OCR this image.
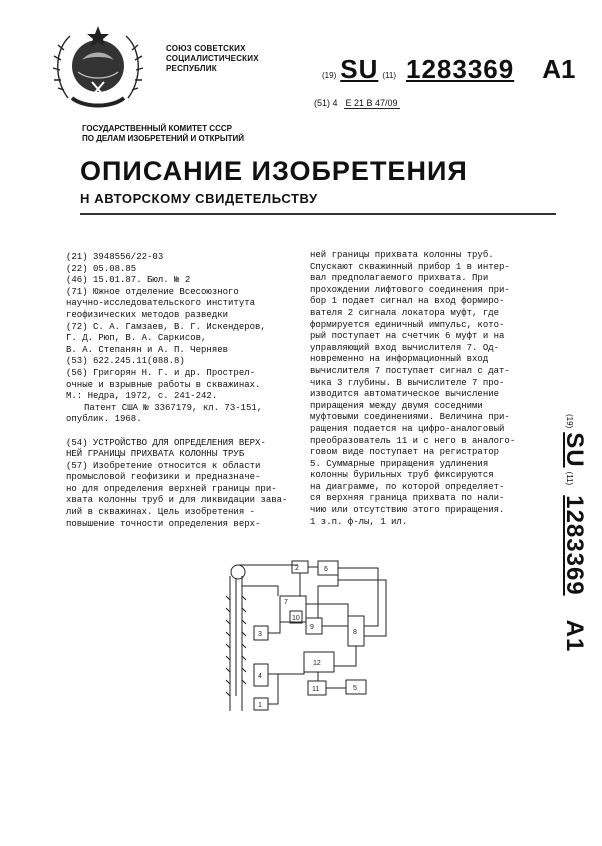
СОЮЗ СОВЕТСКИХ
СОЦИАЛИСТИЧЕСКИХ
РЕСПУБЛИК
(19) SU (11) 1283369 A1
(51) 4 E 21 B 47/09
ГОСУДАРСТВЕННЫЙ КОМИТЕТ СССР
ПО ДЕЛАМ ИЗОБРЕТЕНИЙ И ОТКРЫТИЙ
ОПИСАНИЕ ИЗОБРЕТЕНИЯ
Н АВТОРСКОМУ СВИДЕТЕЛЬСТВУ
(21) 3948556/22-03
(22) 05.08.85
(46) 15.01.87. Бюл. № 2
(71) Южное отделение Всесоюзного
научно-исследовательского института
геофизических методов разведки
(72) С. А. Гамзаев, В. Г. Искендеров,
Г. Д. Рюп, В. А. Саркисов,
В. А. Степанян и А. П. Черняев
(53) 622.245.11(088.8)
(56) Григорян Н. Г. и др. Прострел-
очные и взрывные работы в скважинах.
М.: Недра, 1972, с. 241-242.
Патент США № 3367179, кл. 73-151,
опублик. 1968.
(54) УСТРОЙСТВО ДЛЯ ОПРЕДЕЛЕНИЯ ВЕРХ-
НЕЙ ГРАНИЦЫ ПРИХВАТА КОЛОННЫ ТРУБ
(57) Изобретение относится к области
промысловой геофизики и предназначе-
но для определения верхней границы при-
хвата колонны труб и для ликвидации зава-
лий в скважинах. Цель изобретения -
повышение точности определения верх-
ней границы прихвата колонны труб.
Спускают скважинный прибор 1 в интер-
вал предполагаемого прихвата. При
прохождении лифтового соединения при-
бор 1 подает сигнал на вход формиро-
вателя 2 сигнала локатора муфт, где
формируется единичный импульс, кото-
рый поступает на счетчик 6 муфт и на
управляющий вход вычислителя 7. Од-
новременно на информационный вход
вычислителя 7 поступает сигнал с дат-
чика 3 глубины. В вычислителе 7 про-
изводится автоматическое вычисление
приращения между двумя соседними
муфтовыми соединениями. Величина при-
ращения подается на цифро-аналоговый
преобразователь 11 и с него в аналого-
говом виде поступает на регистратор
5. Суммарные приращения удлинения
колонны бурильных труб фиксируются
на диаграмме, по которой определяет-
ся верхняя граница прихвата по нали-
чию или отсутствию этого приращения.
1 з.п. ф-лы, 1 ил.
(19)
SU
(11)
1283369
A1
2	6
7
10
9
8
3
4
12
11	5
1
